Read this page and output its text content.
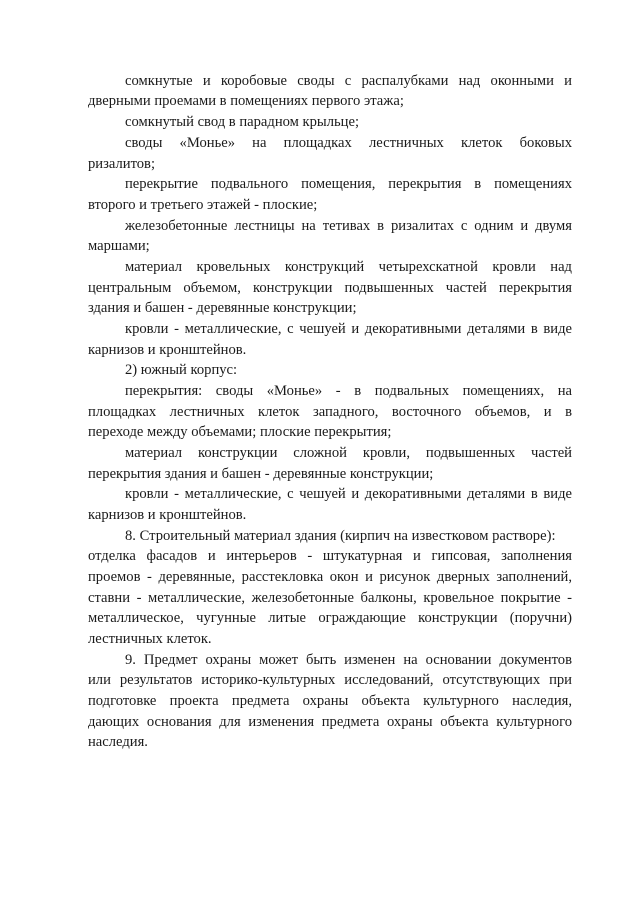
сомкнутые и коробовые своды с распалубками над оконными и

дверными проемами в помещениях первого этажа;

сомкнутый свод в парадном крыльце;

своды «Монье» на площадках лестничных клеток боковых

ризалитов;

перекрытие подвального помещения, перекрытия в помещениях

второго и третьего этажей - плоские;

железобетонные лестницы на тетивах в ризалитах с одним и двумя

маршами;

материал кровельных конструкций четырехскатной кровли над

центральным объемом, конструкции подвышенных частей перекрытия

здания и башен - деревянные конструкции;

кровли - металлические, с чешуей и декоративными деталями в виде

карнизов и кронштейнов.

2) южный корпус:

перекрытия: своды «Монье» - в подвальных помещениях, на

площадках лестничных клеток западного, восточного объемов, и в

переходе между объемами; плоские перекрытия;

материал конструкции сложной кровли, подвышенных частей

перекрытия здания и башен - деревянные конструкции;

кровли - металлические, с чешуей и декоративными деталями в виде

карнизов и кронштейнов.

8. Строительный материал здания (кирпич на известковом растворе):

отделка фасадов и интерьеров - штукатурная и гипсовая, заполнения

проемов - деревянные, расстекловка окон и рисунок дверных заполнений,

ставни - металлические, железобетонные балконы, кровельное покрытие -

металлическое, чугунные литые ограждающие конструкции (поручни)

лестничных клеток.

9. Предмет охраны может быть изменен на основании документов

или результатов историко-культурных исследований, отсутствующих при

подготовке проекта предмета охраны объекта культурного наследия,

дающих основания для изменения предмета охраны объекта культурного

наследия.
